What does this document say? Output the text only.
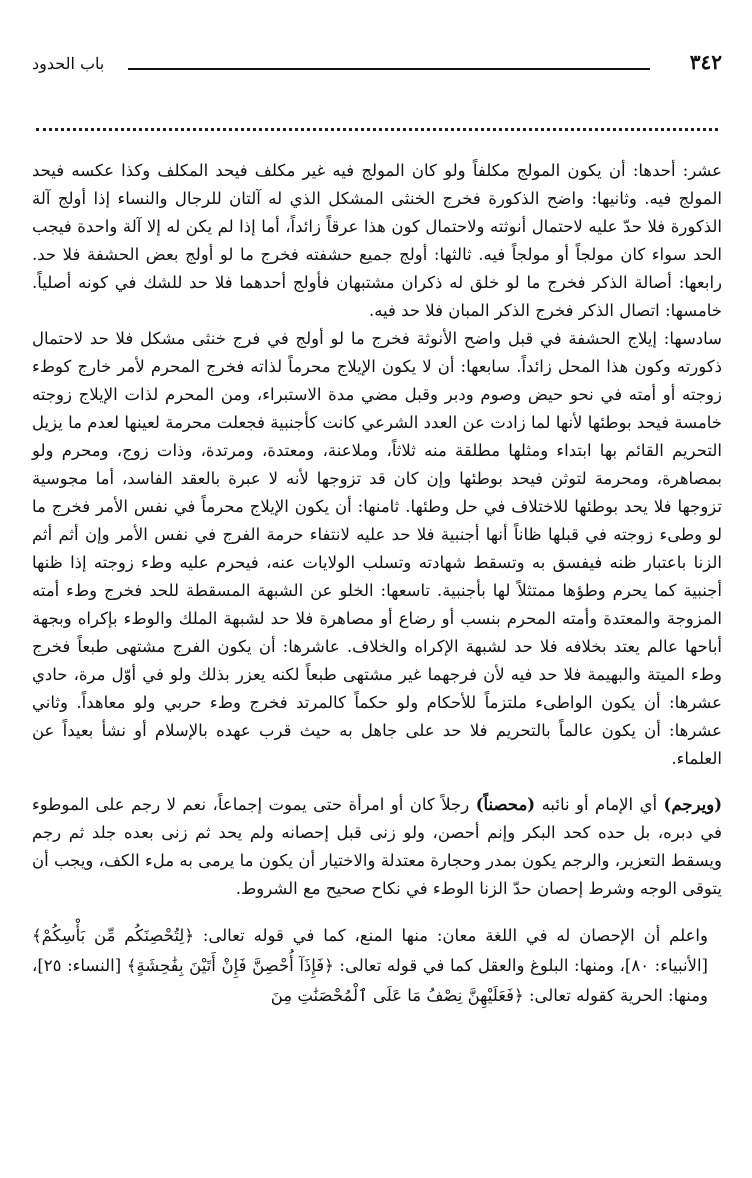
٣٤٢
باب الحدود

عشر: أحدها: أن يكون المولج مكلفاً ولو كان المولج فيه غير مكلف فيحد المكلف وكذا عكسه فيحد المولج فيه. وثانيها: واضح الذكورة فخرج الخنثى المشكل الذي له آلتان للرجال والنساء إذا أولج آلة الذكورة فلا حدّ عليه لاحتمال أنوثته ولاحتمال كون هذا عرقاً زائداً، أما إذا لم يكن له إلا آلة واحدة فيجب الحد سواء كان مولجاً أو مولجاً فيه. ثالثها: أولج جميع حشفته فخرج ما لو أولج بعض الحشفة فلا حد. رابعها: أصالة الذكر فخرج ما لو خلق له ذكران مشتبهان فأولج أحدهما فلا حد للشك في كونه أصلياً. خامسها: اتصال الذكر فخرج الذكر المبان فلا حد فيه.

سادسها: إيلاج الحشفة في قبل واضح الأنوثة فخرج ما لو أولج في فرج خنثى مشكل فلا حد لاحتمال ذكورته وكون هذا المحل زائداً. سابعها: أن لا يكون الإيلاج محرماً لذاته فخرج المحرم لأمر خارج كوطء زوجته أو أمته في نحو حيض وصوم ودبر وقبل مضي مدة الاستبراء، ومن المحرم لذات الإيلاج زوجته خامسة فيحد بوطئها لأنها لما زادت عن العدد الشرعي كانت كأجنبية فجعلت محرمة لعينها لعدم ما يزيل التحريم القائم بها ابتداء ومثلها مطلقة منه ثلاثاً، وملاعنة، ومعتدة، ومرتدة، وذات زوج، ومحرم ولو بمصاهرة، ومحرمة لتوثن فيحد بوطئها وإن كان قد تزوجها لأنه لا عبرة بالعقد الفاسد، أما مجوسية تزوجها فلا يحد بوطئها للاختلاف في حل وطئها. ثامنها: أن يكون الإيلاج محرماً في نفس الأمر فخرج ما لو وطىء زوجته في قبلها ظاناً أنها أجنبية فلا حد عليه لانتفاء حرمة الفرج في نفس الأمر وإن أثم أثم الزنا باعتبار ظنه فيفسق به وتسقط شهادته وتسلب الولايات عنه، فيحرم عليه وطء زوجته إذا ظنها أجنبية كما يحرم وطؤها ممتثلاً لها بأجنبية. تاسعها: الخلو عن الشبهة المسقطة للحد فخرج وطء أمته المزوجة والمعتدة وأمته المحرم بنسب أو رضاع أو مصاهرة فلا حد لشبهة الملك والوطء بإكراه وبجهة أباحها عالم يعتد بخلافه فلا حد لشبهة الإكراه والخلاف. عاشرها: أن يكون الفرج مشتهى طبعاً فخرج وطء الميتة والبهيمة فلا حد فيه لأن فرجهما غير مشتهى طبعاً لكنه يعزر بذلك ولو في أوّل مرة، حادي عشرها: أن يكون الواطىء ملتزماً للأحكام ولو حكماً كالمرتد فخرج وطء حربي ولو معاهداً. وثاني عشرها: أن يكون عالماً بالتحريم فلا حد على جاهل به حيث قرب عهده بالإسلام أو نشأ بعيداً عن العلماء.

(ويرجم) أي الإمام أو نائبه (محصناً) رجلاً كان أو امرأة حتى يموت إجماعاً، نعم لا رجم على الموطوء في دبره، بل حده كحد البكر وإنم أحصن، ولو زنى قبل إحصانه ولم يحد ثم زنى بعده جلد ثم رجم ويسقط التعزير، والرجم يكون بمدر وحجارة معتدلة والاختيار أن يكون ما يرمى به ملء الكف، ويجب أن يتوقى الوجه وشرط إحصان حدّ الزنا الوطء في نكاح صحيح مع الشروط.

واعلم أن الإحصان له في اللغة معان: منها المنع، كما في قوله تعالى: ﴿لِتُحْصِنَكُم مِّن بَأْسِكُمْ﴾ [الأنبياء: ٨٠]، ومنها: البلوغ والعقل كما في قوله تعالى: ﴿فَإِذَآ أُحْصِنَّ فَإِنْ أَتَيْنَ بِفَٰحِشَةٍ﴾ [النساء: ٢٥]، ومنها: الحرية كقوله تعالى: ﴿فَعَلَيْهِنَّ نِصْفُ مَا عَلَى ٱلْمُحْصَنَٰتِ مِنَ
